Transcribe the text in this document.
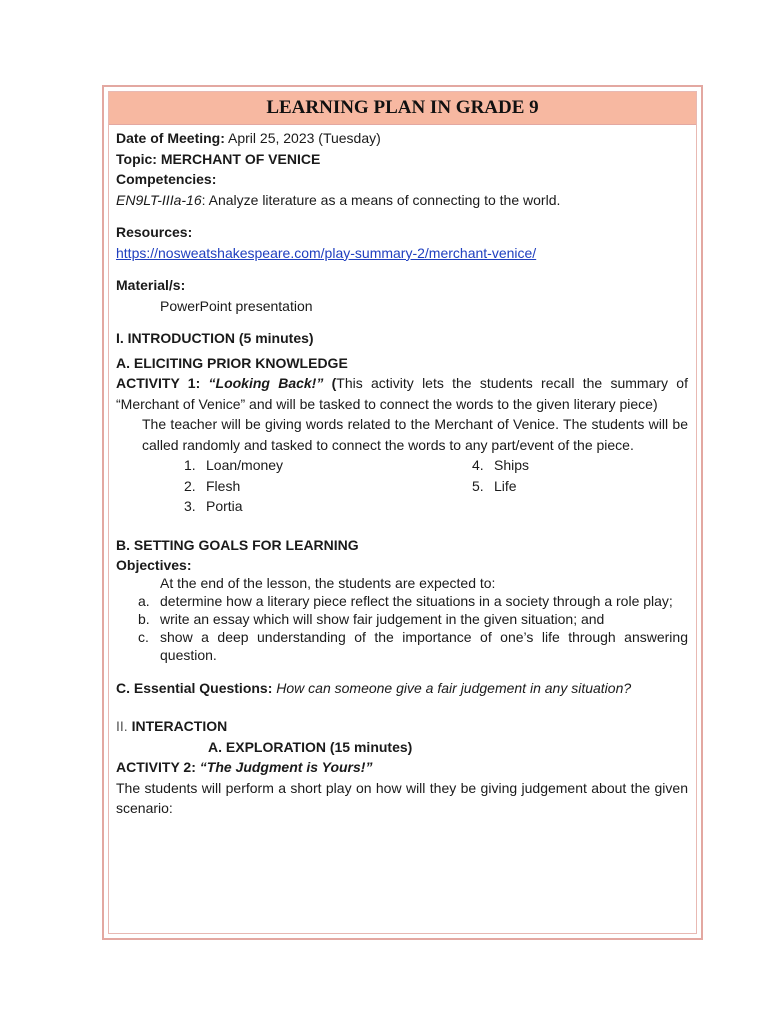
LEARNING PLAN IN GRADE 9
Date of Meeting: April 25, 2023 (Tuesday)
Topic: MERCHANT OF VENICE
Competencies:
EN9LT-IIIa-16: Analyze literature as a means of connecting to the world.
Resources:
https://nosweatshakespeare.com/play-summary-2/merchant-venice/
Material/s:
PowerPoint presentation
I. INTRODUCTION (5 minutes)
A. ELICITING PRIOR KNOWLEDGE
ACTIVITY 1: “Looking Back!” (This activity lets the students recall the summary of “Merchant of Venice” and will be tasked to connect the words to the given literary piece)
The teacher will be giving words related to the Merchant of Venice. The students will be called randomly and tasked to connect the words to any part/event of the piece.
1. Loan/money
2. Flesh
3. Portia
4. Ships
5. Life
B. SETTING GOALS FOR LEARNING
Objectives:
At the end of the lesson, the students are expected to:
a. determine how a literary piece reflect the situations in a society through a role play;
b. write an essay which will show fair judgement in the given situation; and
c. show a deep understanding of the importance of one’s life through answering question.
C. Essential Questions: How can someone give a fair judgement in any situation?
II. INTERACTION
A. EXPLORATION (15 minutes)
ACTIVITY 2: “The Judgment is Yours!”
The students will perform a short play on how will they be giving judgement about the given scenario:
